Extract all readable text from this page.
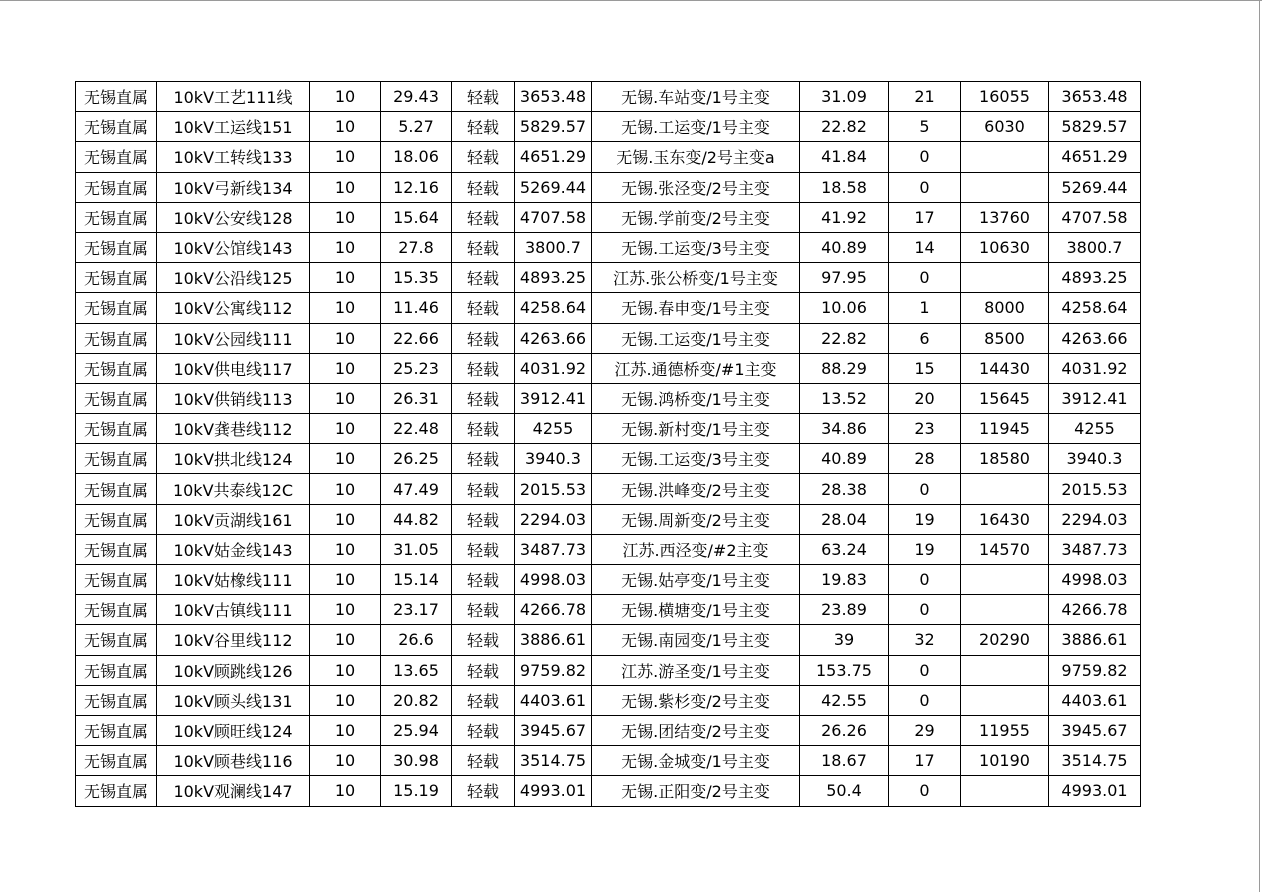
无锡直属	10kV工艺111线	10	29.43	轻载	3653.48	无锡.车站变/1号主变	31.09	21	16055	3653.48
无锡直属	10kV工运线151	10	5.27	轻载	5829.57	无锡.工运变/1号主变	22.82	5	6030	5829.57
无锡直属	10kV工转线133	10	18.06	轻载	4651.29	无锡.玉东变/2号主变a	41.84	0		4651.29
无锡直属	10kV弓新线134	10	12.16	轻载	5269.44	无锡.张泾变/2号主变	18.58	0		5269.44
无锡直属	10kV公安线128	10	15.64	轻载	4707.58	无锡.学前变/2号主变	41.92	17	13760	4707.58
无锡直属	10kV公馆线143	10	27.8	轻载	3800.7	无锡.工运变/3号主变	40.89	14	10630	3800.7
无锡直属	10kV公沿线125	10	15.35	轻载	4893.25	江苏.张公桥变/1号主变	97.95	0		4893.25
无锡直属	10kV公寓线112	10	11.46	轻载	4258.64	无锡.春申变/1号主变	10.06	1	8000	4258.64
无锡直属	10kV公园线111	10	22.66	轻载	4263.66	无锡.工运变/1号主变	22.82	6	8500	4263.66
无锡直属	10kV供电线117	10	25.23	轻载	4031.92	江苏.通德桥变/#1主变	88.29	15	14430	4031.92
无锡直属	10kV供销线113	10	26.31	轻载	3912.41	无锡.鸿桥变/1号主变	13.52	20	15645	3912.41
无锡直属	10kV龚巷线112	10	22.48	轻载	4255	无锡.新村变/1号主变	34.86	23	11945	4255
无锡直属	10kV拱北线124	10	26.25	轻载	3940.3	无锡.工运变/3号主变	40.89	28	18580	3940.3
无锡直属	10kV共泰线12C	10	47.49	轻载	2015.53	无锡.洪峰变/2号主变	28.38	0		2015.53
无锡直属	10kV贡湖线161	10	44.82	轻载	2294.03	无锡.周新变/2号主变	28.04	19	16430	2294.03
无锡直属	10kV姑金线143	10	31.05	轻载	3487.73	江苏.西泾变/#2主变	63.24	19	14570	3487.73
无锡直属	10kV姑橡线111	10	15.14	轻载	4998.03	无锡.姑亭变/1号主变	19.83	0		4998.03
无锡直属	10kV古镇线111	10	23.17	轻载	4266.78	无锡.横塘变/1号主变	23.89	0		4266.78
无锡直属	10kV谷里线112	10	26.6	轻载	3886.61	无锡.南园变/1号主变	39	32	20290	3886.61
无锡直属	10kV顾跳线126	10	13.65	轻载	9759.82	江苏.游圣变/1号主变	153.75	0		9759.82
无锡直属	10kV顾头线131	10	20.82	轻载	4403.61	无锡.紫杉变/2号主变	42.55	0		4403.61
无锡直属	10kV顾旺线124	10	25.94	轻载	3945.67	无锡.团结变/2号主变	26.26	29	11955	3945.67
无锡直属	10kV顾巷线116	10	30.98	轻载	3514.75	无锡.金城变/1号主变	18.67	17	10190	3514.75
无锡直属	10kV观澜线147	10	15.19	轻载	4993.01	无锡.正阳变/2号主变	50.4	0		4993.01
